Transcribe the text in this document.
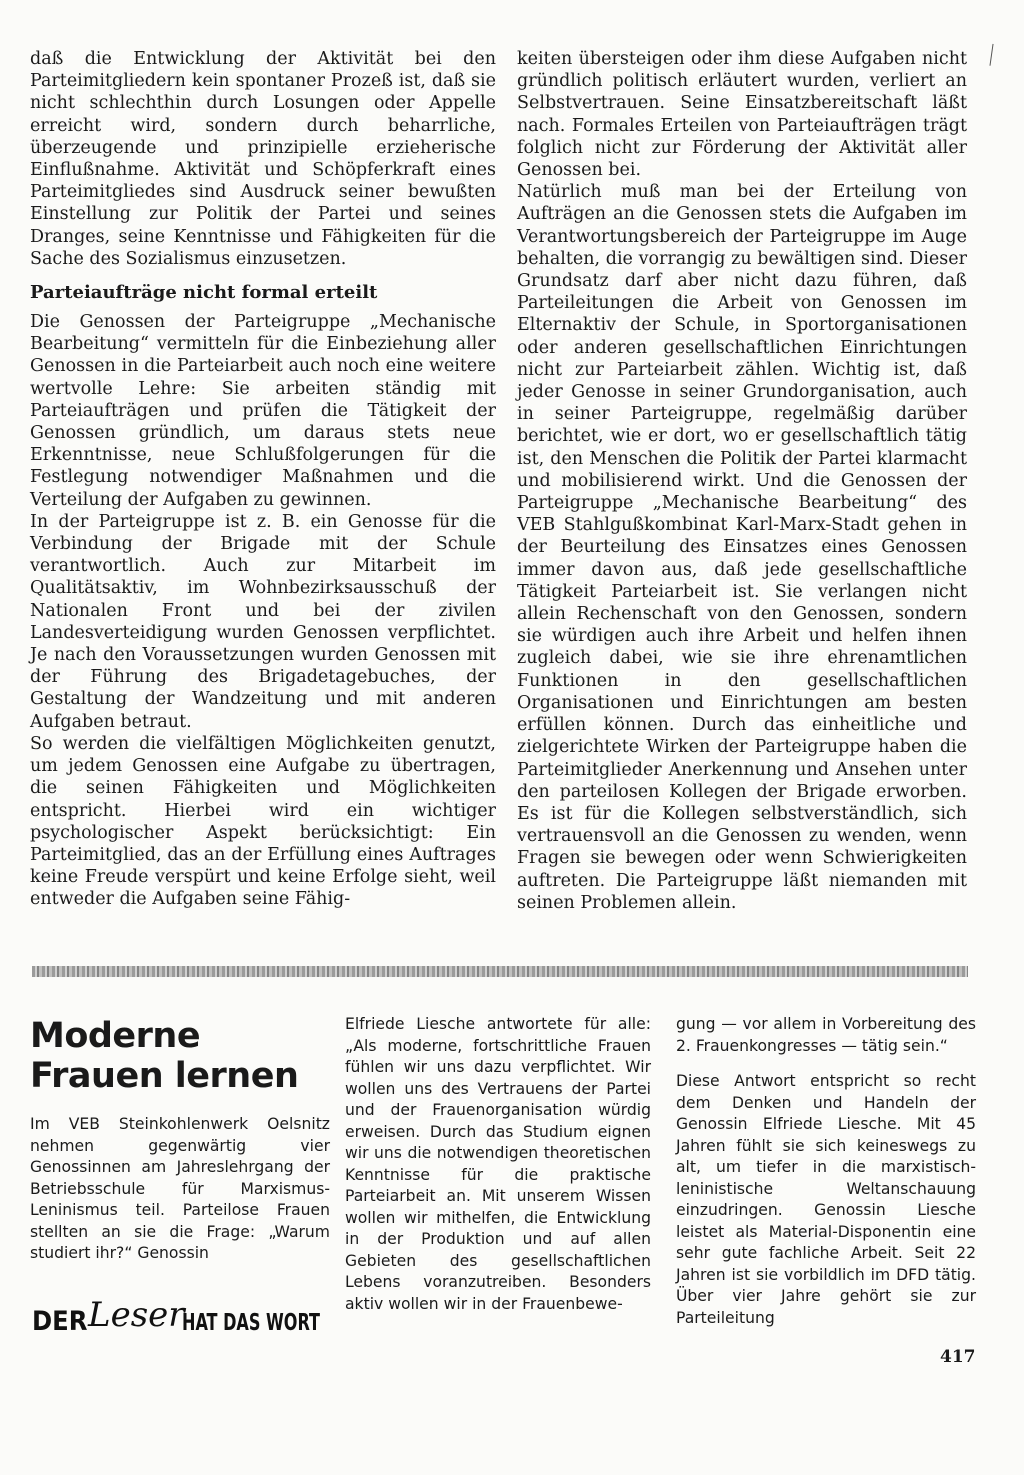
daß die Entwicklung der Aktivität bei den Parteimitgliedern kein spontaner Prozeß ist, daß sie nicht schlechthin durch Losungen oder Appelle erreicht wird, sondern durch beharrliche, überzeugende und prinzipielle erzieherische Einflußnahme. Aktivität und Schöpferkraft eines Parteimitgliedes sind Ausdruck seiner bewußten Einstellung zur Politik der Partei und seines Dranges, seine Kenntnisse und Fähigkeiten für die Sache des Sozialismus einzusetzen.

Parteiaufträge nicht formal erteilt

Die Genossen der Parteigruppe „Mechanische Bearbeitung“ vermitteln für die Einbeziehung aller Genossen in die Parteiarbeit auch noch eine weitere wertvolle Lehre: Sie arbeiten ständig mit Parteiaufträgen und prüfen die Tätigkeit der Genossen gründlich, um daraus stets neue Erkenntnisse, neue Schlußfolgerungen für die Festlegung notwendiger Maßnahmen und die Verteilung der Aufgaben zu gewinnen.

In der Parteigruppe ist z. B. ein Genosse für die Verbindung der Brigade mit der Schule verantwortlich. Auch zur Mitarbeit im Qualitätsaktiv, im Wohnbezirksausschuß der Nationalen Front und bei der zivilen Landesverteidigung wurden Genossen verpflichtet. Je nach den Voraussetzungen wurden Genossen mit der Führung des Brigadetagebuches, der Gestaltung der Wandzeitung und mit anderen Aufgaben betraut.

So werden die vielfältigen Möglichkeiten genutzt, um jedem Genossen eine Aufgabe zu übertragen, die seinen Fähigkeiten und Möglichkeiten entspricht. Hierbei wird ein wichtiger psychologischer Aspekt berücksichtigt: Ein Parteimitglied, das an der Erfüllung eines Auftrages keine Freude verspürt und keine Erfolge sieht, weil entweder die Aufgaben seine Fähig-

keiten übersteigen oder ihm diese Aufgaben nicht gründlich politisch erläutert wurden, verliert an Selbstvertrauen. Seine Einsatzbereitschaft läßt nach. Formales Erteilen von Parteiaufträgen trägt folglich nicht zur Förderung der Aktivität aller Genossen bei.

Natürlich muß man bei der Erteilung von Aufträgen an die Genossen stets die Aufgaben im Verantwortungsbereich der Parteigruppe im Auge behalten, die vorrangig zu bewältigen sind. Dieser Grundsatz darf aber nicht dazu führen, daß Parteileitungen die Arbeit von Genossen im Elternaktiv der Schule, in Sportorganisationen oder anderen gesellschaftlichen Einrichtungen nicht zur Parteiarbeit zählen. Wichtig ist, daß jeder Genosse in seiner Grundorganisation, auch in seiner Parteigruppe, regelmäßig darüber berichtet, wie er dort, wo er gesellschaftlich tätig ist, den Menschen die Politik der Partei klarmacht und mobilisierend wirkt. Und die Genossen der Parteigruppe „Mechanische Bearbeitung“ des VEB Stahlgußkombinat Karl-Marx-Stadt gehen in der Beurteilung des Einsatzes eines Genossen immer davon aus, daß jede gesellschaftliche Tätigkeit Parteiarbeit ist. Sie verlangen nicht allein Rechenschaft von den Genossen, sondern sie würdigen auch ihre Arbeit und helfen ihnen zugleich dabei, wie sie ihre ehrenamtlichen Funktionen in den gesellschaftlichen Organisationen und Einrichtungen am besten erfüllen können. Durch das einheitliche und zielgerichtete Wirken der Parteigruppe haben die Parteimitglieder Anerkennung und Ansehen unter den parteilosen Kollegen der Brigade erworben. Es ist für die Kollegen selbstverständlich, sich vertrauensvoll an die Genossen zu wenden, wenn Fragen sie bewegen oder wenn Schwierigkeiten auftreten. Die Parteigruppe läßt niemanden mit seinen Problemen allein.

Moderne Frauen lernen

Im VEB Steinkohlenwerk Oelsnitz nehmen gegenwärtig vier Genossinnen am Jahreslehrgang der Betriebsschule für Marxismus-Leninismus teil. Parteilose Frauen stellten an sie die Frage: „Warum studiert ihr?“ Genossin

DER Leser
HAT DAS WORT

Elfriede Liesche antwortete für alle: „Als moderne, fortschrittliche Frauen fühlen wir uns dazu verpflichtet. Wir wollen uns des Vertrauens der Partei und der Frauenorganisation würdig erweisen. Durch das Studium eignen wir uns die notwendigen theoretischen Kenntnisse für die praktische Parteiarbeit an. Mit unserem Wissen wollen wir mithelfen, die Entwicklung in der Produktion und auf allen Gebieten des gesellschaftlichen Lebens voranzutreiben. Besonders aktiv wollen wir in der Frauenbewe-

gung — vor allem in Vorbereitung des 2. Frauenkongresses — tätig sein.“

Diese Antwort entspricht so recht dem Denken und Handeln der Genossin Elfriede Liesche. Mit 45 Jahren fühlt sie sich keineswegs zu alt, um tiefer in die marxistisch-leninistische Weltanschauung einzudringen. Genossin Liesche leistet als Material-Disponentin eine sehr gute fachliche Arbeit. Seit 22 Jahren ist sie vorbildlich im DFD tätig. Über vier Jahre gehört sie zur Parteileitung

417
